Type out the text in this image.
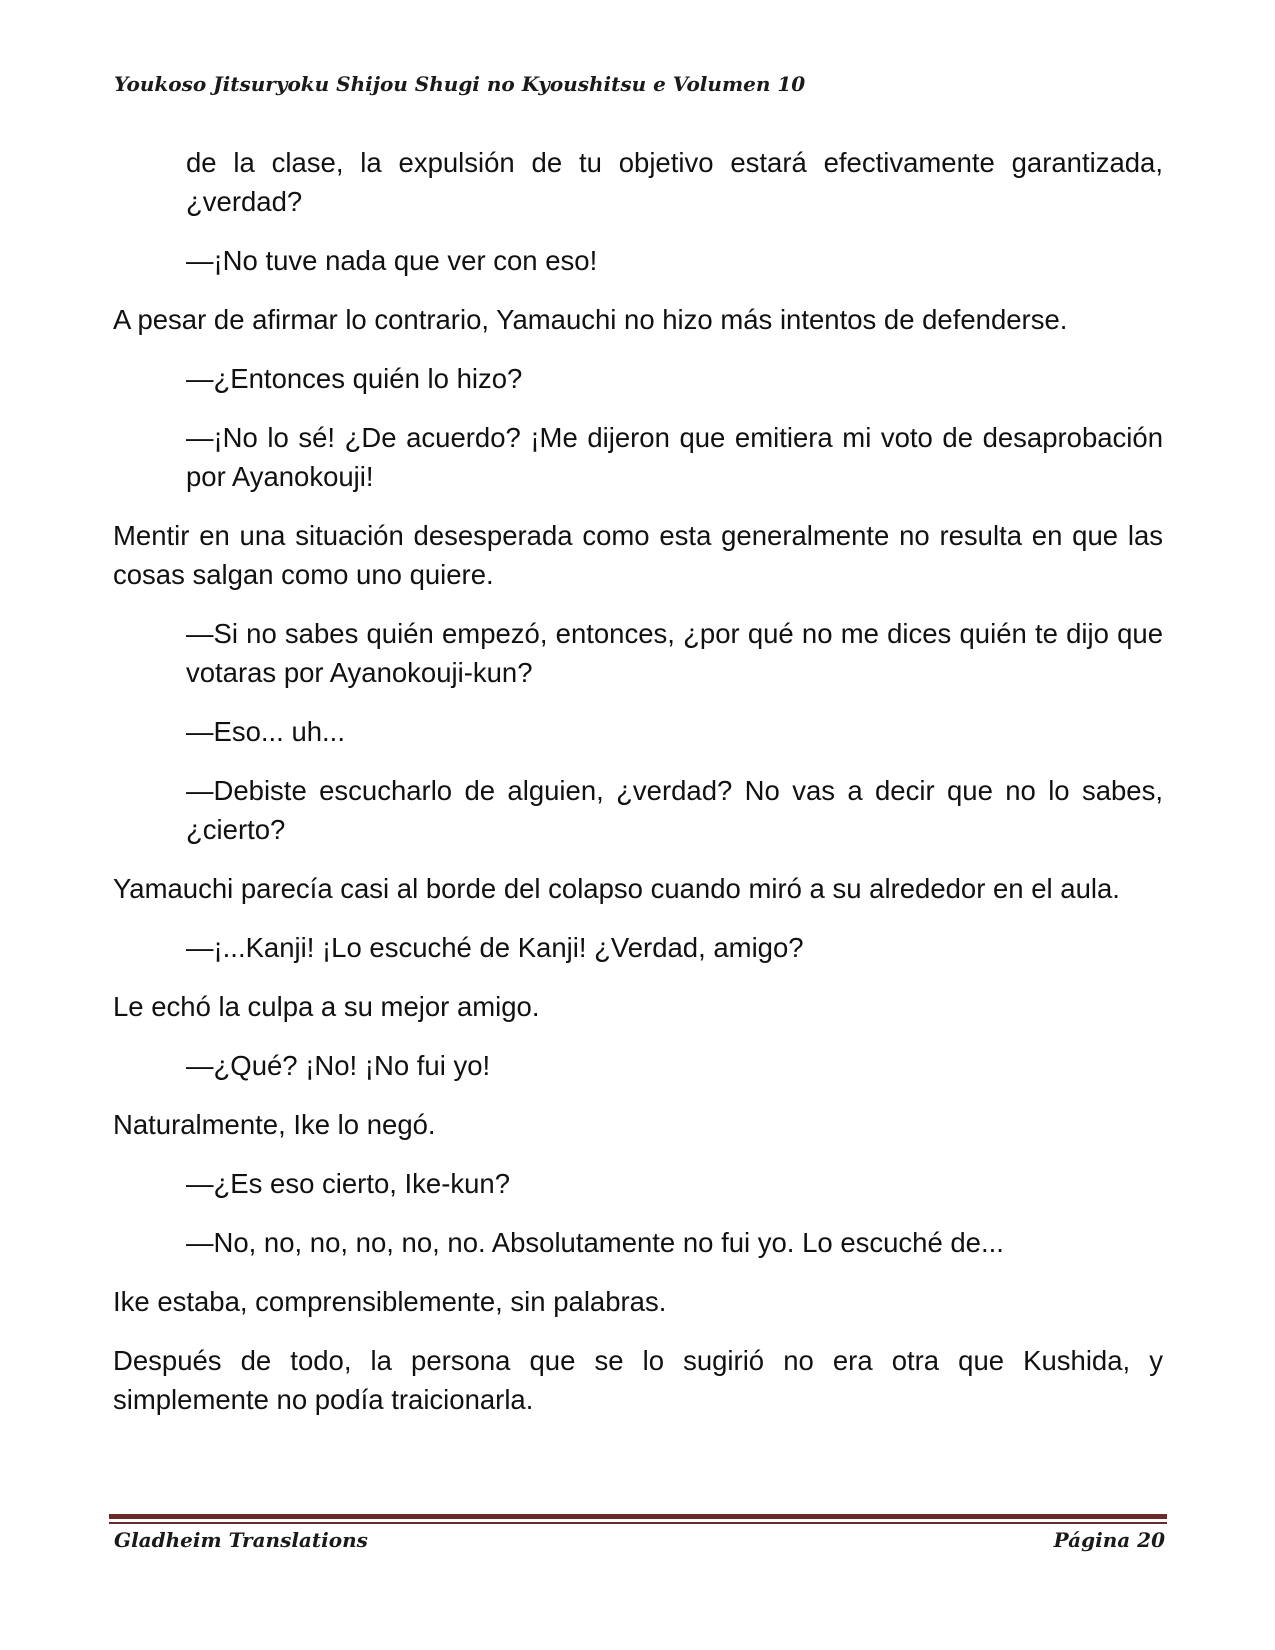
Youkoso Jitsuryoku Shijou Shugi no Kyoushitsu e Volumen 10

de la clase, la expulsión de tu objetivo estará efectivamente garantizada, ¿verdad?

—¡No tuve nada que ver con eso!

A pesar de afirmar lo contrario, Yamauchi no hizo más intentos de defenderse.

—¿Entonces quién lo hizo?

—¡No lo sé! ¿De acuerdo? ¡Me dijeron que emitiera mi voto de desaprobación por Ayanokouji!

Mentir en una situación desesperada como esta generalmente no resulta en que las cosas salgan como uno quiere.

—Si no sabes quién empezó, entonces, ¿por qué no me dices quién te dijo que votaras por Ayanokouji-kun?

—Eso... uh...

—Debiste escucharlo de alguien, ¿verdad? No vas a decir que no lo sabes, ¿cierto?

Yamauchi parecía casi al borde del colapso cuando miró a su alrededor en el aula.

—¡...Kanji! ¡Lo escuché de Kanji! ¿Verdad, amigo?

Le echó la culpa a su mejor amigo.

—¿Qué? ¡No! ¡No fui yo!

Naturalmente, Ike lo negó.

—¿Es eso cierto, Ike-kun?

—No, no, no, no, no, no. Absolutamente no fui yo. Lo escuché de...

Ike estaba, comprensiblemente, sin palabras.

Después de todo, la persona que se lo sugirió no era otra que Kushida, y simplemente no podía traicionarla.

Gladheim Translations	Página 20
